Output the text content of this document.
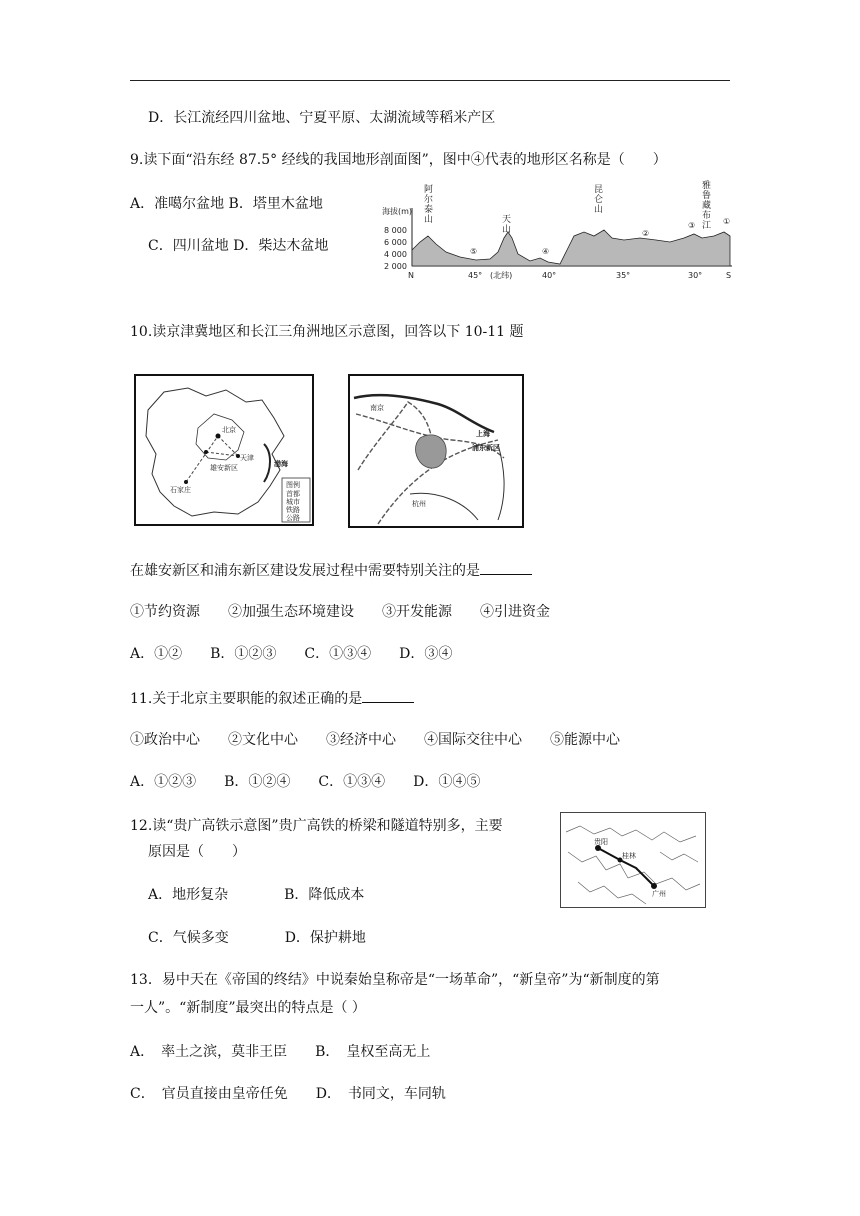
D．长江流经四川盆地、宁夏平原、太湖流域等稻米产区
9.读下面“沿东经 87.5° 经线的我国地形剖面图”，图中④代表的地形区名称是（　　）
A．准噶尔盆地 B．塔里木盆地
C．四川盆地 D．柴达木盆地
海拔(m)
8 000
6 000
4 000
2 000
阿尔泰山	天山
昆仑山
雅鲁藏布江
⑤	④
②
③	①
N	45° (北纬)	40°	35°	30°	S
10.读京津冀地区和长江三角洲地区示意图，回答以下 10-11 题
北京
天津
雄安新区
石家庄
渤海
图例
首都
城市
铁路
公路
南京
上海
浦东新区
杭州
在雄安新区和浦东新区建设发展过程中需要特别关注的是
①节约资源　　②加强生态环境建设　　③开发能源　　④引进资金
A．①②　　B．①②③　　C．①③④　　D．③④
11.关于北京主要职能的叙述正确的是
①政治中心　　②文化中心　　③经济中心　　④国际交往中心　　⑤能源中心
A．①②③　　B．①②④　　C．①③④　　D．①④⑤
12.读“贵广高铁示意图”贵广高铁的桥梁和隧道特别多，主要
原因是（　　）
A．地形复杂　　　　B．降低成本
C．气候多变　　　　D．保护耕地
贵阳
桂林
广州
13．易中天在《帝国的终结》中说秦始皇称帝是“一场革命”，“新皇帝”为“新制度的第
一人”。“新制度”最突出的特点是（ ）
A．　率土之滨，莫非王臣　　B．　皇权至高无上
C．　官员直接由皇帝任免　　D．　书同文，车同轨
